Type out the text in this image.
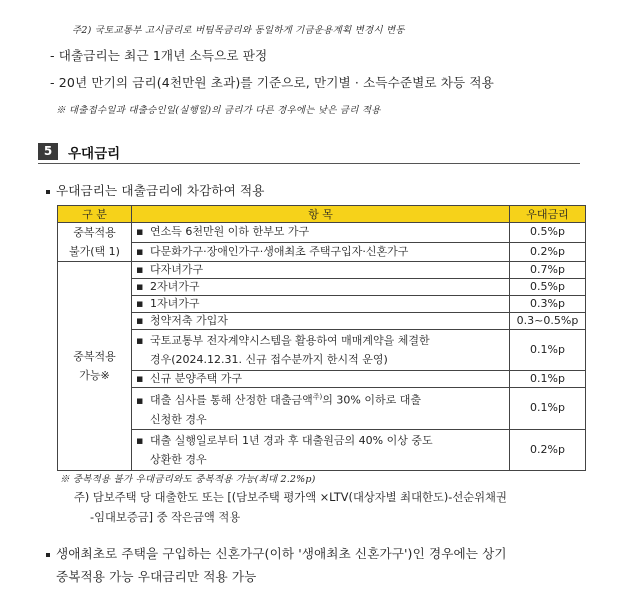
주2) 국토교통부 고시금리로 버팀목금리와 동일하게 기금운용계획 변경시 변동
- 대출금리는 최근 1개년 소득으로 판정
- 20년 만기의 금리(4천만원 초과)를 기준으로, 만기별 · 소득수준별로 차등 적용
※ 대출접수일과 대출승인일(실행일)의 금리가 다른 경우에는 낮은 금리 적용
5	우대금리
우대금리는 대출금리에 차감하여 적용
구 분	항 목	우대금리

중복적용
불가(택 1)	▪ 연소득 6천만원 이하 한부모 가구	0.5%p
	▪ 다문화가구·장애인가구·생애최초 주택구입자·신혼가구	0.2%p

중복적용
가능※	▪ 다자녀가구	0.7%p
	▪ 2자녀가구	0.5%p
	▪ 1자녀가구	0.3%p
	▪ 청약저축 가입자	0.3~0.5%p

	▪ 국토교통부 전자계약시스템을 활용하여 매매계약을 체결한
경우(2024.12.31. 신규 접수분까지 한시적 운영)	0.1%p
	▪ 신규 분양주택 가구	0.1%p

	▪ 대출 심사를 통해 산정한 대출금액$^{주)}$의 30% 이하로 대출
신청한 경우	0.1%p

	▪ 대출 실행일로부터 1년 경과 후 대출원금의 40% 이상 중도
상환한 경우	0.2%p
※ 중복적용 불가 우대금리와도 중복적용 가능(최대 2.2%p)
주) 담보주택 당 대출한도 또는 [(담보주택 평가액 ×LTV(대상자별 최대한도)-선순위채권
-임대보증금] 중 작은금액 적용
생애최초로 주택을 구입하는 신혼가구(이하 '생애최초 신혼가구')인 경우에는 상기
중복적용 가능 우대금리만 적용 가능
